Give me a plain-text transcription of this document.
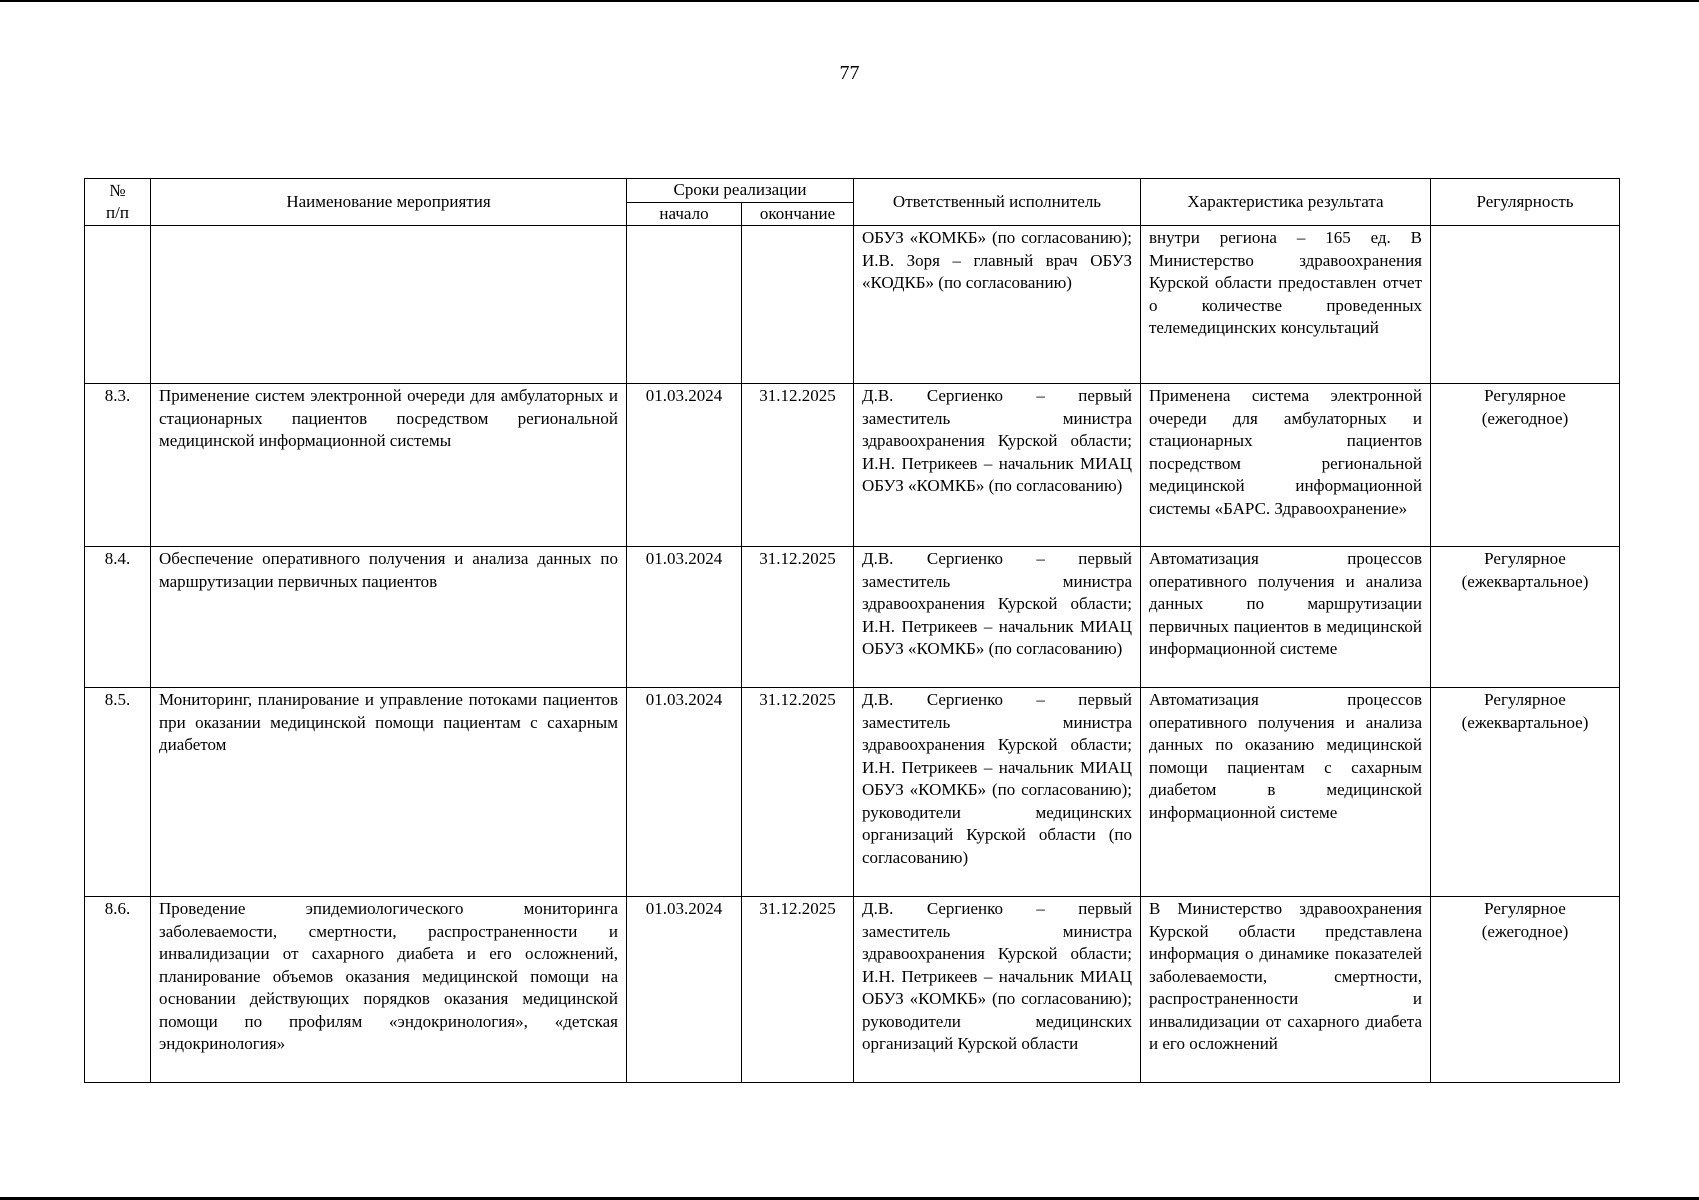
77
№
п/п	Наименование мероприятия	Сроки реализации		Ответственный исполнитель	Характеристика результата	Регулярность
		начало	окончание			
				ОБУЗ «КОМКБ» (по согласованию); И.В. Зоря – главный врач ОБУЗ «КОДКБ» (по согласованию)	внутри региона – 165 ед. В Министерство здравоохранения Курской области предоставлен отчет о количестве проведенных телемедицинских консультаций	
8.3.	Применение систем электронной очереди для амбулаторных и стационарных пациентов посредством региональной медицинской информационной системы	01.03.2024	31.12.2025	Д.В. Сергиенко – первый заместитель министра здравоохранения Курской области; И.Н. Петрикеев – начальник МИАЦ ОБУЗ «КОМКБ» (по согласованию)	Применена система электронной очереди для амбулаторных и стационарных пациентов посредством региональной медицинской информационной системы «БАРС. Здравоохранение»	Регулярное (ежегодное)
8.4.	Обеспечение оперативного получения и анализа данных по маршрутизации первичных пациентов	01.03.2024	31.12.2025	Д.В. Сергиенко – первый заместитель министра здравоохранения Курской области; И.Н. Петрикеев – начальник МИАЦ ОБУЗ «КОМКБ» (по согласованию)	Автоматизация процессов оперативного получения и анализа данных по маршрутизации первичных пациентов в медицинской информационной системе	Регулярное (ежеквартальное)
8.5.	Мониторинг, планирование и управление потоками пациентов при оказании медицинской помощи пациентам с сахарным диабетом	01.03.2024	31.12.2025	Д.В. Сергиенко – первый заместитель министра здравоохранения Курской области; И.Н. Петрикеев – начальник МИАЦ ОБУЗ «КОМКБ» (по согласованию); руководители медицинских организаций Курской области (по согласованию)	Автоматизация процессов оперативного получения и анализа данных по оказанию медицинской помощи пациентам с сахарным диабетом в медицинской информационной системе	Регулярное (ежеквартальное)
8.6.	Проведение эпидемиологического мониторинга заболеваемости, смертности, распространенности и инвалидизации от сахарного диабета и его осложнений, планирование объемов оказания медицинской помощи на основании действующих порядков оказания медицинской помощи по профилям «эндокринология», «детская эндокринология»	01.03.2024	31.12.2025	Д.В. Сергиенко – первый заместитель министра здравоохранения Курской области; И.Н. Петрикеев – начальник МИАЦ ОБУЗ «КОМКБ» (по согласованию); руководители медицинских организаций Курской области	В Министерство здравоохранения Курской области представлена информация о динамике показателей заболеваемости, смертности, распространенности и инвалидизации от сахарного диабета и его осложнений	Регулярное (ежегодное)
